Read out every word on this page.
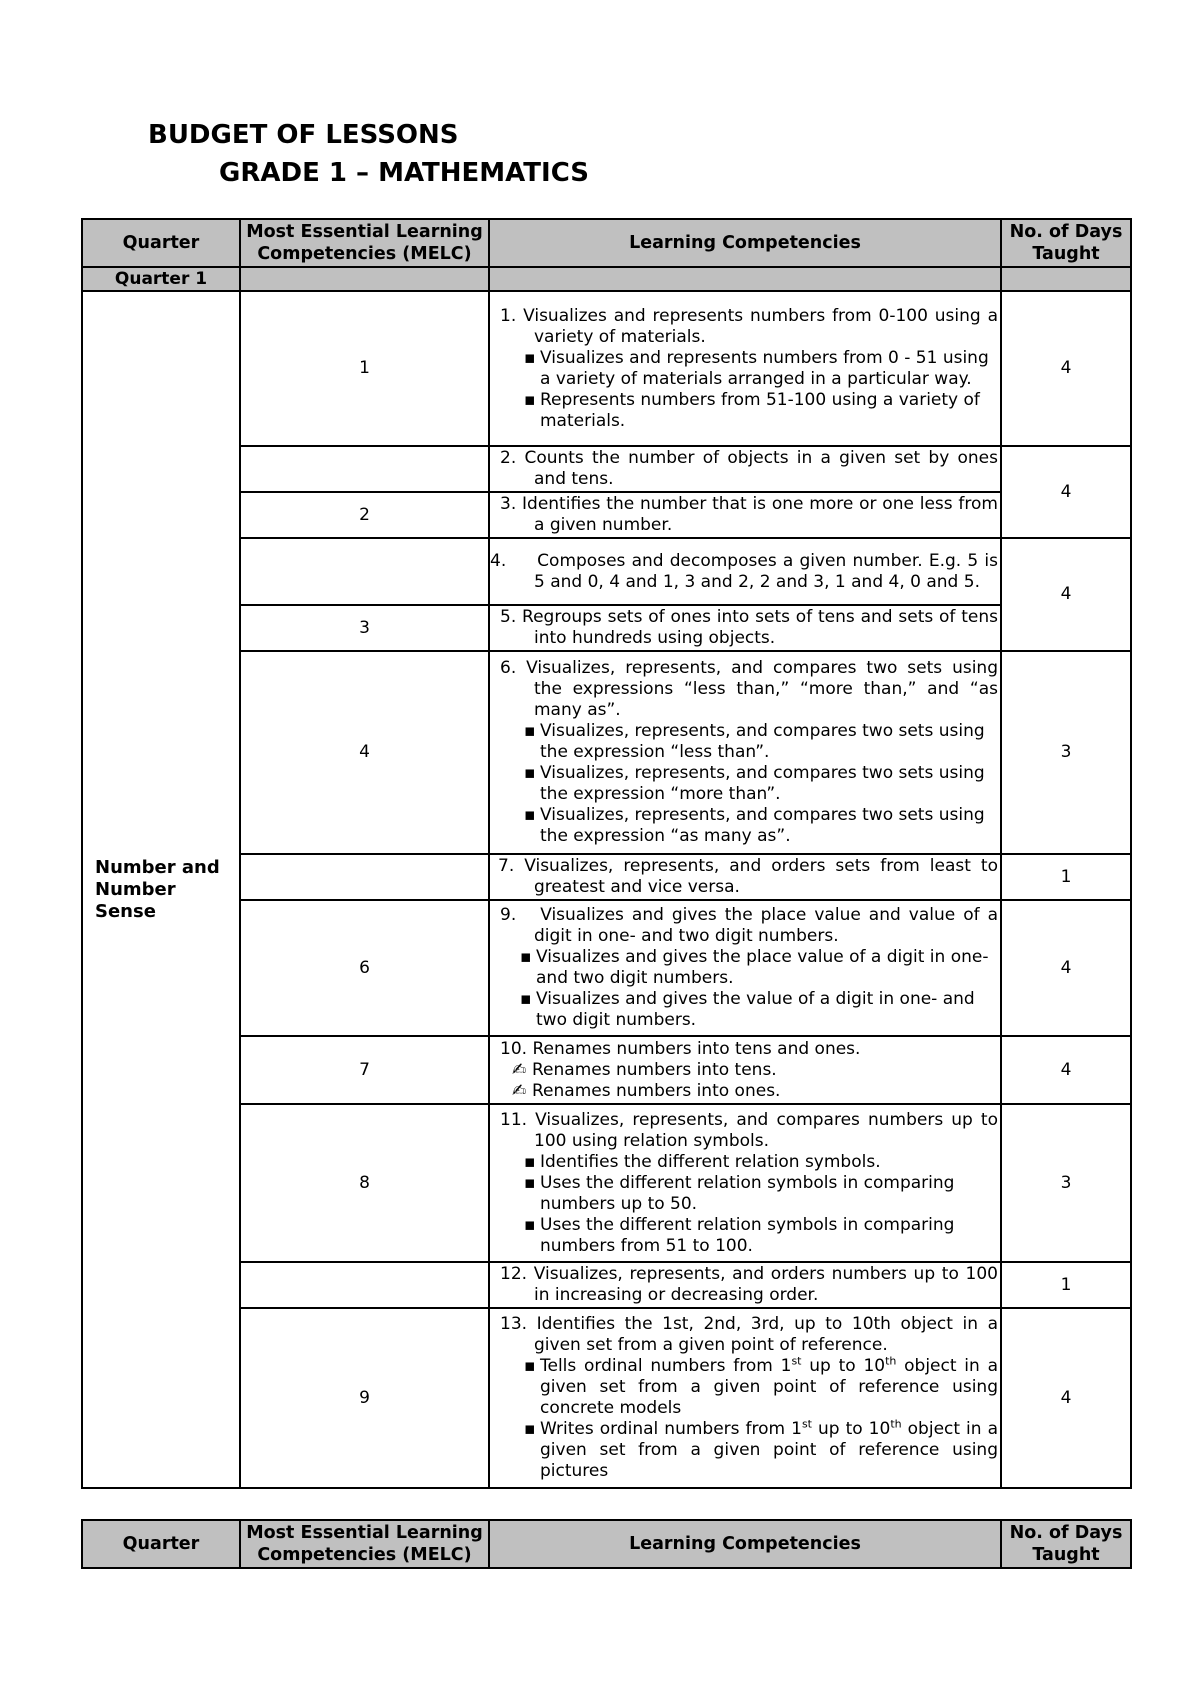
BUDGET OF LESSONS
GRADE 1 – MATHEMATICS
Quarter	Most Essential Learning Competencies (MELC)	Learning Competencies	No. of Days Taught
Quarter 1			
Number and Number Sense	1	1. Visualizes and represents numbers from 0-100 using a variety of materials.
▪ Visualizes and represents numbers from 0 - 51 using a variety of materials arranged in a particular way.
▪ Represents numbers from 51-100 using a variety of materials.	4

		2. Counts the number of objects in a given set by ones and tens.	4
	2	3. Identifies the number that is one more or one less from a given number.	

		4.     Composes and decomposes a given number. E.g. 5 is 5 and 0, 4 and 1, 3 and 2, 2 and 3, 1 and 4, 0 and 5.	4
	3	5. Regroups sets of ones into sets of tens and sets of tens into hundreds using objects.	

	4	6. Visualizes, represents, and compares two sets using the expressions “less than,” “more than,” and “as many as”.
▪ Visualizes, represents, and compares two sets using the expression “less than”.
▪ Visualizes, represents, and compares two sets using the expression “more than”.
▪ Visualizes, represents, and compares two sets using the expression “as many as”.	3

		7. Visualizes, represents, and orders sets from least to greatest and vice versa.	1
	6	9.   Visualizes and gives the place value and value of a digit in one- and two digit numbers.
▪ Visualizes and gives the place value of a digit in one- and two digit numbers.
▪ Visualizes and gives the value of a digit in one- and two digit numbers.	4
	7	10. Renames numbers into tens and ones.
✍ Renames numbers into tens.
✍ Renames numbers into ones.	4
	8	11. Visualizes, represents, and compares numbers up to 100 using relation symbols.
▪ Identifies the different relation symbols.
▪ Uses the different relation symbols in comparing numbers up to 50.
▪ Uses the different relation symbols in comparing numbers from 51 to 100.	3

		12. Visualizes, represents, and orders numbers up to 100 in increasing or decreasing order.	1
	9	13. Identifies the 1st, 2nd, 3rd, up to 10th object in a given set from a given point of reference.
▪ Tells ordinal numbers from 1st up to 10th object in a given set from a given point of reference using concrete models
▪ Writes ordinal numbers from 1st up to 10th object in a given set from a given point of reference using pictures	4
Quarter	Most Essential Learning Competencies (MELC)	Learning Competencies	No. of Days Taught
